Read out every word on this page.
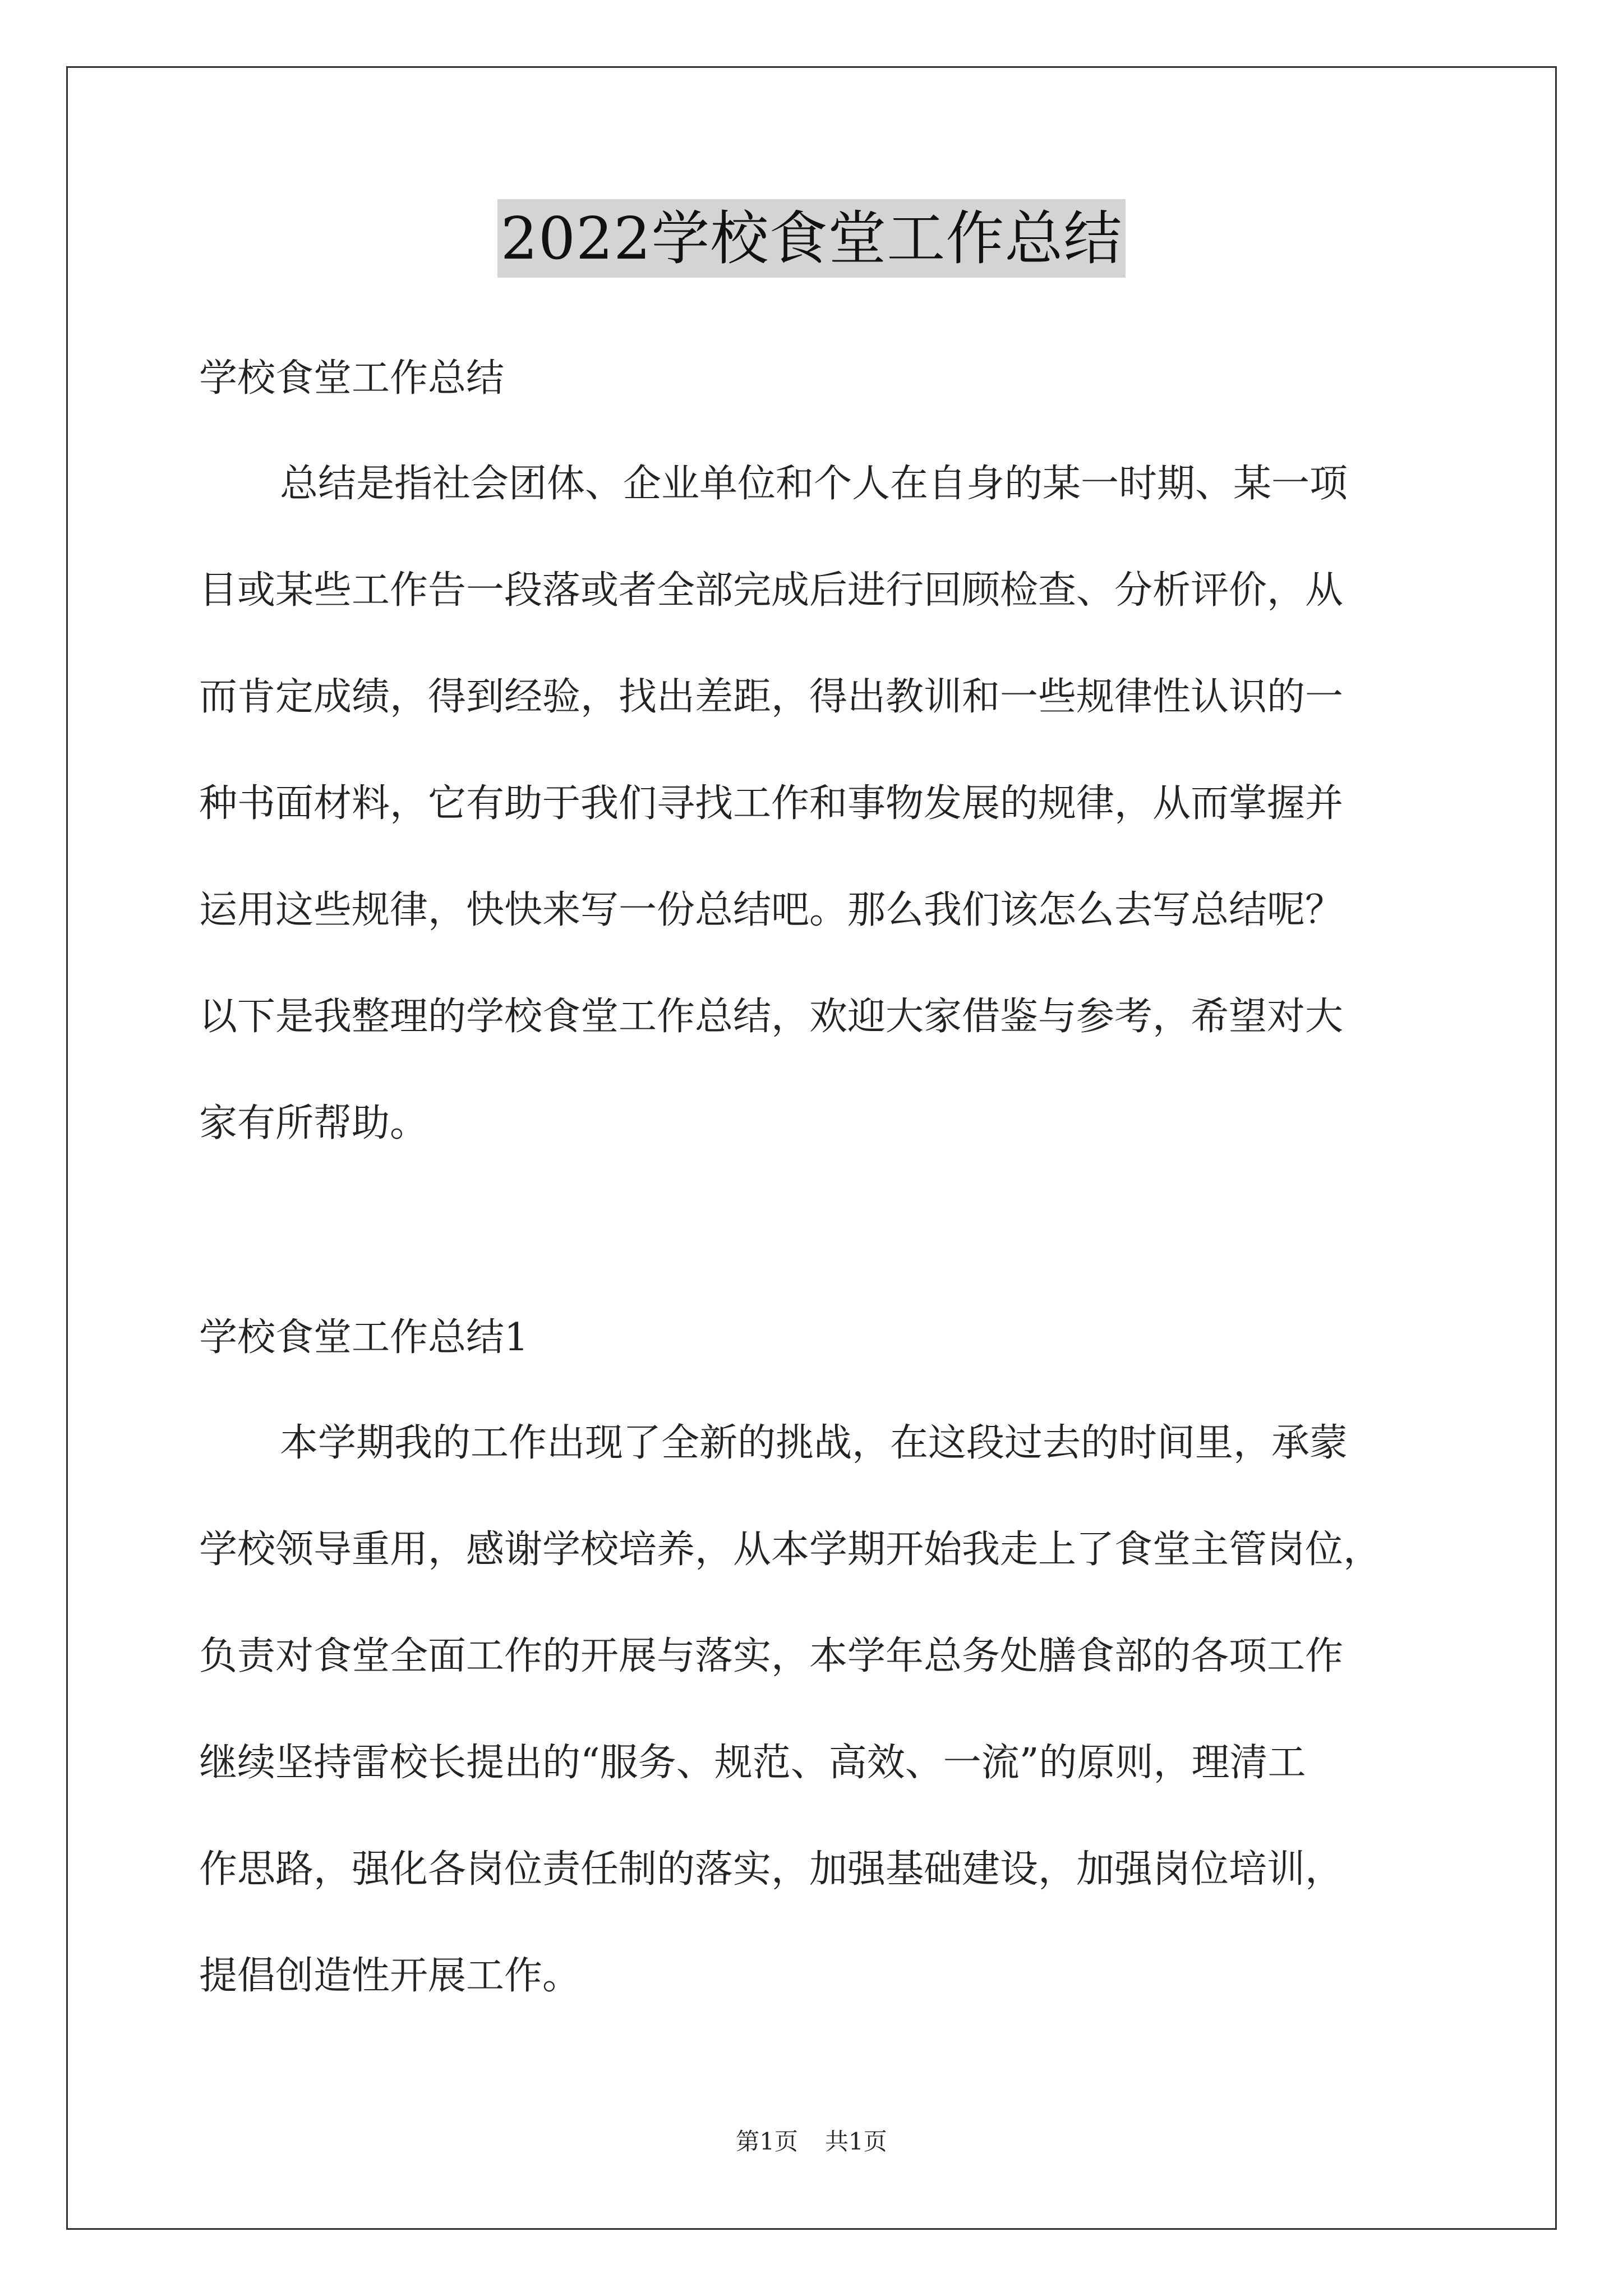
2022学校食堂工作总结
学校食堂工作总结
总结是指社会团体、企业单位和个人在自身的某一时期、某一项
目或某些工作告一段落或者全部完成后进行回顾检查、分析评价，从
而肯定成绩，得到经验，找出差距，得出教训和一些规律性认识的一
种书面材料，它有助于我们寻找工作和事物发展的规律，从而掌握并
运用这些规律，快快来写一份总结吧。那么我们该怎么去写总结呢？
以下是我整理的学校食堂工作总结，欢迎大家借鉴与参考，希望对大
家有所帮助。
学校食堂工作总结1
本学期我的工作出现了全新的挑战，在这段过去的时间里，承蒙
学校领导重用，感谢学校培养，从本学期开始我走上了食堂主管岗位，
负责对食堂全面工作的开展与落实，本学年总务处膳食部的各项工作
继续坚持雷校长提出的“服务、规范、高效、一流”的原则，理清工
作思路，强化各岗位责任制的落实，加强基础建设，加强岗位培训，
提倡创造性开展工作。
第1页 共1页
